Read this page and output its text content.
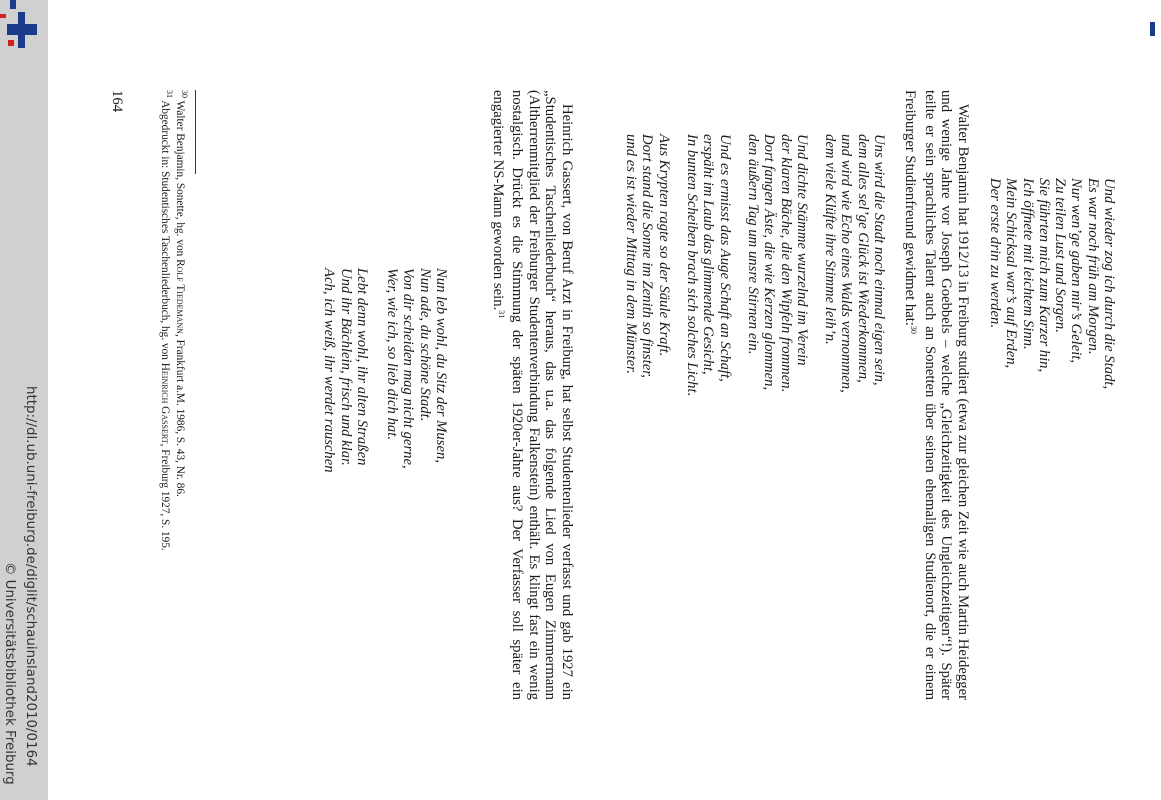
http://dl.ub.uni-freiburg.de/diglit/schauinsland2010/0164
© Universitätsbibliothek Freiburg
Und wieder zog ich durch die Stadt,
Es war noch früh am Morgen.
Nur wen’ge gaben mir’s Geleit,
Zu teilen Lust und Sorgen.
Sie führten mich zum Karzer hin,
Ich öffnete mit leichtem Sinn.
Mein Schicksal war’s auf Erden,
Der erste drin zu werden.

Walter Benjamin hat 1912/13 in Freiburg studiert (etwa zur gleichen Zeit wie auch Martin Heidegger und wenige Jahre vor Joseph Goebbels – welche „Gleichzeitigkeit des Ungleichzeitigen“!). Später teilte er sein sprachliches Talent auch an Sonetten über seinen ehemaligen Studienort, die er einem Freiburger Studienfreund gewidmet hat:$^{30}$

Uns wird die Stadt noch einmal eigen sein,
dem alles sel’ge Glück ist Wiederkommen,
und wird wie Echo eines Walds vernommen,
dem viele Klüfte ihre Stimme leih’n.
Und dichte Stämme wurzelnd im Verein
der klaren Bäche, die den Wipfeln frommen.
Dort fangen Äste, die wie Kerzen glommen,
den äußern Tag um unsre Stirnen ein.
Und es ermisst das Auge Schaft an Schaft,
erspäht im Laub das glimmende Gesicht,
In bunten Scheiben brach sich solches Licht.
Aus Krypten ragte so der Säule Kraft.
Dort stand die Sonne im Zenith so finster,
und es ist wieder Mittag in dem Münster.

Heinrich Gassert, von Beruf Arzt in Freiburg, hat selbst Studentenlieder verfasst und gab 1927 ein „Studentisches Taschenliederbuch“ heraus, das u.a. das folgende Lied von Eugen Zimmermann (Altherrenmitglied der Freiburger Studentenverbindung Falkenstein) enthält. Es klingt fast ein wenig nostalgisch. Drückt es die Stimmung der späten 1920er-Jahre aus? Der Verfasser soll später ein engagierter NS-Mann geworden sein.$^{31}$

Nun leb wohl, du Sitz der Musen,
Nun ade, du schöne Stadt.
Von dir scheiden mag nicht gerne,
Wer, wie ich, so lieb dich hat.
Lebt denn wohl, ihr alten Straßen
Und ihr Bächlein, frisch und klar.
Ach, ich weiß, ihr werdet rauschen
$^{30}$ Walter Benjamin, Sonette, hg. von Rolf Tiedemann, Frankfurt a.M. 1986, S. 43, Nr. 86.
$^{31}$ Abgedruckt in: Studentisches Taschenliederbuch, hg. von Heinrich Gassert, Freiburg 1927, S. 195.
164
